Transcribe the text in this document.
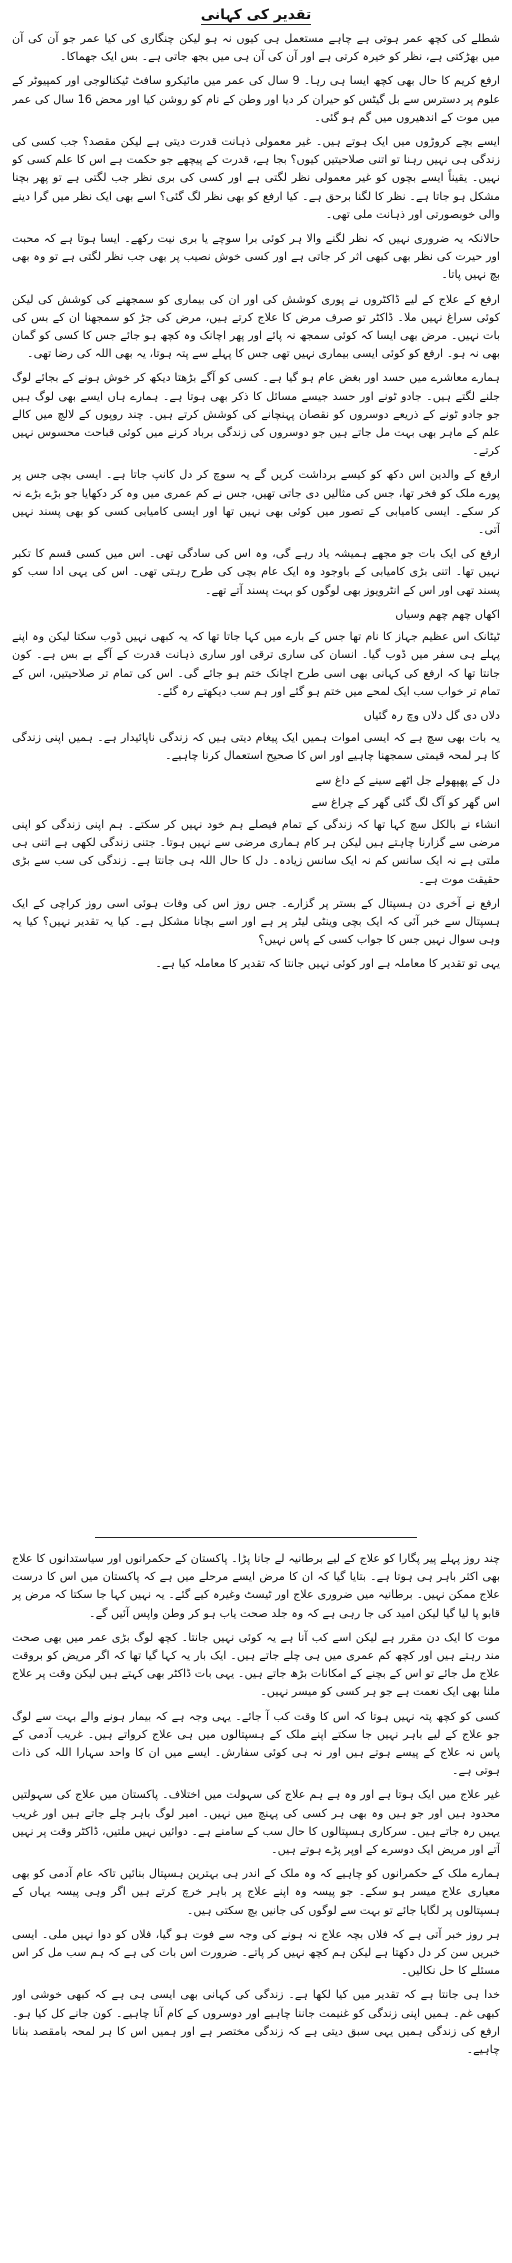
تقدیر کی کہانی

شطلے کی کچھ عمر ہوتی ہے چاہے مستعمل ہی کیوں نہ ہو لیکن چنگاری کی کیا عمر جو آن کی آن میں بھڑکتی ہے، نظر کو خیرہ کرتی ہے اور آن کی آن ہی میں بجھ جاتی ہے۔ بس ایک جھماکا۔

ارفع کریم کا حال بھی کچھ ایسا ہی رہا۔ 9 سال کی عمر میں مائیکرو سافٹ ٹیکنالوجی اور کمپیوٹر کے علوم پر دسترس سے بل گیٹس کو حیران کر دیا اور وطن کے نام کو روشن کیا اور محض 16 سال کی عمر میں موت کے اندھیروں میں گم ہو گئی۔

ایسے بچے کروڑوں میں ایک ہوتے ہیں۔ غیر معمولی ذہانت قدرت دیتی ہے لیکن مقصد؟ جب کسی کی زندگی ہی نہیں رہنا تو اتنی صلاحیتیں کیوں؟ بجا ہے، قدرت کے پیچھے جو حکمت ہے اس کا علم کسی کو نہیں۔ یقیناً ایسے بچوں کو غیر معمولی نظر لگتی ہے اور کسی کی بری نظر جب لگتی ہے تو پھر بچنا مشکل ہو جاتا ہے۔ نظر کا لگنا برحق ہے۔ کیا ارفع کو بھی نظر لگ گئی؟ اسے بھی ایک نظر میں گرا دینے والی خوبصورتی اور ذہانت ملی تھی۔

حالانکہ یہ ضروری نہیں کہ نظر لگنے والا ہر کوئی برا سوچے یا بری نیت رکھے۔ ایسا ہوتا ہے کہ محبت اور حیرت کی نظر بھی کبھی اثر کر جاتی ہے اور کسی خوش نصیب پر بھی جب نظر لگتی ہے تو وہ بھی بچ نہیں پاتا۔

ارفع کے علاج کے لیے ڈاکٹروں نے پوری کوشش کی اور ان کی بیماری کو سمجھنے کی کوشش کی لیکن کوئی سراغ نہیں ملا۔ ڈاکٹر تو صرف مرض کا علاج کرتے ہیں، مرض کی جڑ کو سمجھنا ان کے بس کی بات نہیں۔ مرض بھی ایسا کہ کوئی سمجھ نہ پائے اور پھر اچانک وہ کچھ ہو جائے جس کا کسی کو گمان بھی نہ ہو۔ ارفع کو کوئی ایسی بیماری نہیں تھی جس کا پہلے سے پتہ ہوتا، یہ بھی اللہ کی رضا تھی۔

ہمارے معاشرے میں حسد اور بغض عام ہو گیا ہے۔ کسی کو آگے بڑھتا دیکھ کر خوش ہونے کے بجائے لوگ جلنے لگتے ہیں۔ جادو ٹونے اور حسد جیسے مسائل کا ذکر بھی ہوتا ہے۔ ہمارے ہاں ایسے بھی لوگ ہیں جو جادو ٹونے کے ذریعے دوسروں کو نقصان پہنچانے کی کوشش کرتے ہیں۔ چند روپوں کے لالچ میں کالے علم کے ماہر بھی بہت مل جاتے ہیں جو دوسروں کی زندگی برباد کرنے میں کوئی قباحت محسوس نہیں کرتے۔

ارفع کے والدین اس دکھ کو کیسے برداشت کریں گے یہ سوچ کر دل کانپ جاتا ہے۔ ایسی بچی جس پر پورے ملک کو فخر تھا، جس کی مثالیں دی جاتی تھیں، جس نے کم عمری میں وہ کر دکھایا جو بڑے بڑے نہ کر سکے۔ ایسی کامیابی کے تصور میں کوئی بھی نہیں تھا اور ایسی کامیابی کسی کو بھی پسند نہیں آتی۔

ارفع کی ایک بات جو مجھے ہمیشہ یاد رہے گی، وہ اس کی سادگی تھی۔ اس میں کسی قسم کا تکبر نہیں تھا۔ اتنی بڑی کامیابی کے باوجود وہ ایک عام بچی کی طرح رہتی تھی۔ اس کی یہی ادا سب کو پسند تھی اور اس کے انٹرویوز بھی لوگوں کو بہت پسند آتے تھے۔

اکھاں چھم چھم وسیاں

ٹیٹانک اس عظیم جہاز کا نام تھا جس کے بارے میں کہا جاتا تھا کہ یہ کبھی نہیں ڈوب سکتا لیکن وہ اپنے پہلے ہی سفر میں ڈوب گیا۔ انسان کی ساری ترقی اور ساری ذہانت قدرت کے آگے بے بس ہے۔ کون جانتا تھا کہ ارفع کی کہانی بھی اسی طرح اچانک ختم ہو جائے گی۔ اس کی تمام تر صلاحیتیں، اس کے تمام تر خواب سب ایک لمحے میں ختم ہو گئے اور ہم سب دیکھتے رہ گئے۔

دلاں دی گل دلاں وچ رہ گئیاں

یہ بات بھی سچ ہے کہ ایسی اموات ہمیں ایک پیغام دیتی ہیں کہ زندگی ناپائیدار ہے۔ ہمیں اپنی زندگی کا ہر لمحہ قیمتی سمجھنا چاہیے اور اس کا صحیح استعمال کرنا چاہیے۔

دل کے پھپھولے جل اٹھے سینے کے داغ سے

اس گھر کو آگ لگ گئی گھر کے چراغ سے

انشاء نے بالکل سچ کہا تھا کہ زندگی کے تمام فیصلے ہم خود نہیں کر سکتے۔ ہم اپنی زندگی کو اپنی مرضی سے گزارنا چاہتے ہیں لیکن ہر کام ہماری مرضی سے نہیں ہوتا۔ جتنی زندگی لکھی ہے اتنی ہی ملتی ہے نہ ایک سانس کم نہ ایک سانس زیادہ۔ دل کا حال اللہ ہی جانتا ہے۔ زندگی کی سب سے بڑی حقیقت موت ہے۔

ارفع نے آخری دن ہسپتال کے بستر پر گزارے۔ جس روز اس کی وفات ہوئی اسی روز کراچی کے ایک ہسپتال سے خبر آئی کہ ایک بچی وینٹی لیٹر پر ہے اور اسے بچانا مشکل ہے۔ کیا یہ تقدیر نہیں؟ کیا یہ وہی سوال نہیں جس کا جواب کسی کے پاس نہیں؟

یہی تو تقدیر کا معاملہ ہے اور کوئی نہیں جانتا کہ تقدیر کا معاملہ کیا ہے۔

چند روز پہلے پیر پگارا کو علاج کے لیے برطانیہ لے جانا پڑا۔ پاکستان کے حکمرانوں اور سیاستدانوں کا علاج بھی اکثر باہر ہی ہوتا ہے۔ بتایا گیا کہ ان کا مرض ایسے مرحلے میں ہے کہ پاکستان میں اس کا درست علاج ممکن نہیں۔ برطانیہ میں ضروری علاج اور ٹیسٹ وغیرہ کیے گئے۔ یہ نہیں کہا جا سکتا کہ مرض پر قابو پا لیا گیا لیکن امید کی جا رہی ہے کہ وہ جلد صحت یاب ہو کر وطن واپس آئیں گے۔

موت کا ایک دن مقرر ہے لیکن اسے کب آنا ہے یہ کوئی نہیں جانتا۔ کچھ لوگ بڑی عمر میں بھی صحت مند رہتے ہیں اور کچھ کم عمری میں ہی چلے جاتے ہیں۔ ایک بار یہ کہا گیا تھا کہ اگر مریض کو بروقت علاج مل جائے تو اس کے بچنے کے امکانات بڑھ جاتے ہیں۔ یہی بات ڈاکٹر بھی کہتے ہیں لیکن وقت پر علاج ملنا بھی ایک نعمت ہے جو ہر کسی کو میسر نہیں۔

کسی کو کچھ پتہ نہیں ہوتا کہ اس کا وقت کب آ جائے۔ یہی وجہ ہے کہ بیمار ہونے والے بہت سے لوگ جو علاج کے لیے باہر نہیں جا سکتے اپنے ملک کے ہسپتالوں میں ہی علاج کرواتے ہیں۔ غریب آدمی کے پاس نہ علاج کے پیسے ہوتے ہیں اور نہ ہی کوئی سفارش۔ ایسے میں ان کا واحد سہارا اللہ کی ذات ہوتی ہے۔

غیر علاج میں ایک ہوتا ہے اور وہ ہے ہم علاج کی سہولت میں اختلاف۔ پاکستان میں علاج کی سہولتیں محدود ہیں اور جو ہیں وہ بھی ہر کسی کی پہنچ میں نہیں۔ امیر لوگ باہر چلے جاتے ہیں اور غریب یہیں رہ جاتے ہیں۔ سرکاری ہسپتالوں کا حال سب کے سامنے ہے۔ دوائیں نہیں ملتیں، ڈاکٹر وقت پر نہیں آتے اور مریض ایک دوسرے کے اوپر پڑے ہوتے ہیں۔

ہمارے ملک کے حکمرانوں کو چاہیے کہ وہ ملک کے اندر ہی بہترین ہسپتال بنائیں تاکہ عام آدمی کو بھی معیاری علاج میسر ہو سکے۔ جو پیسہ وہ اپنے علاج پر باہر خرچ کرتے ہیں اگر وہی پیسہ یہاں کے ہسپتالوں پر لگایا جائے تو بہت سے لوگوں کی جانیں بچ سکتی ہیں۔

ہر روز خبر آتی ہے کہ فلاں بچہ علاج نہ ہونے کی وجہ سے فوت ہو گیا، فلاں کو دوا نہیں ملی۔ ایسی خبریں سن کر دل دکھتا ہے لیکن ہم کچھ نہیں کر پاتے۔ ضرورت اس بات کی ہے کہ ہم سب مل کر اس مسئلے کا حل نکالیں۔

خدا ہی جانتا ہے کہ تقدیر میں کیا لکھا ہے۔ زندگی کی کہانی بھی ایسی ہی ہے کہ کبھی خوشی اور کبھی غم۔ ہمیں اپنی زندگی کو غنیمت جاننا چاہیے اور دوسروں کے کام آنا چاہیے۔ کون جانے کل کیا ہو۔ ارفع کی زندگی ہمیں یہی سبق دیتی ہے کہ زندگی مختصر ہے اور ہمیں اس کا ہر لمحہ بامقصد بنانا چاہیے۔
